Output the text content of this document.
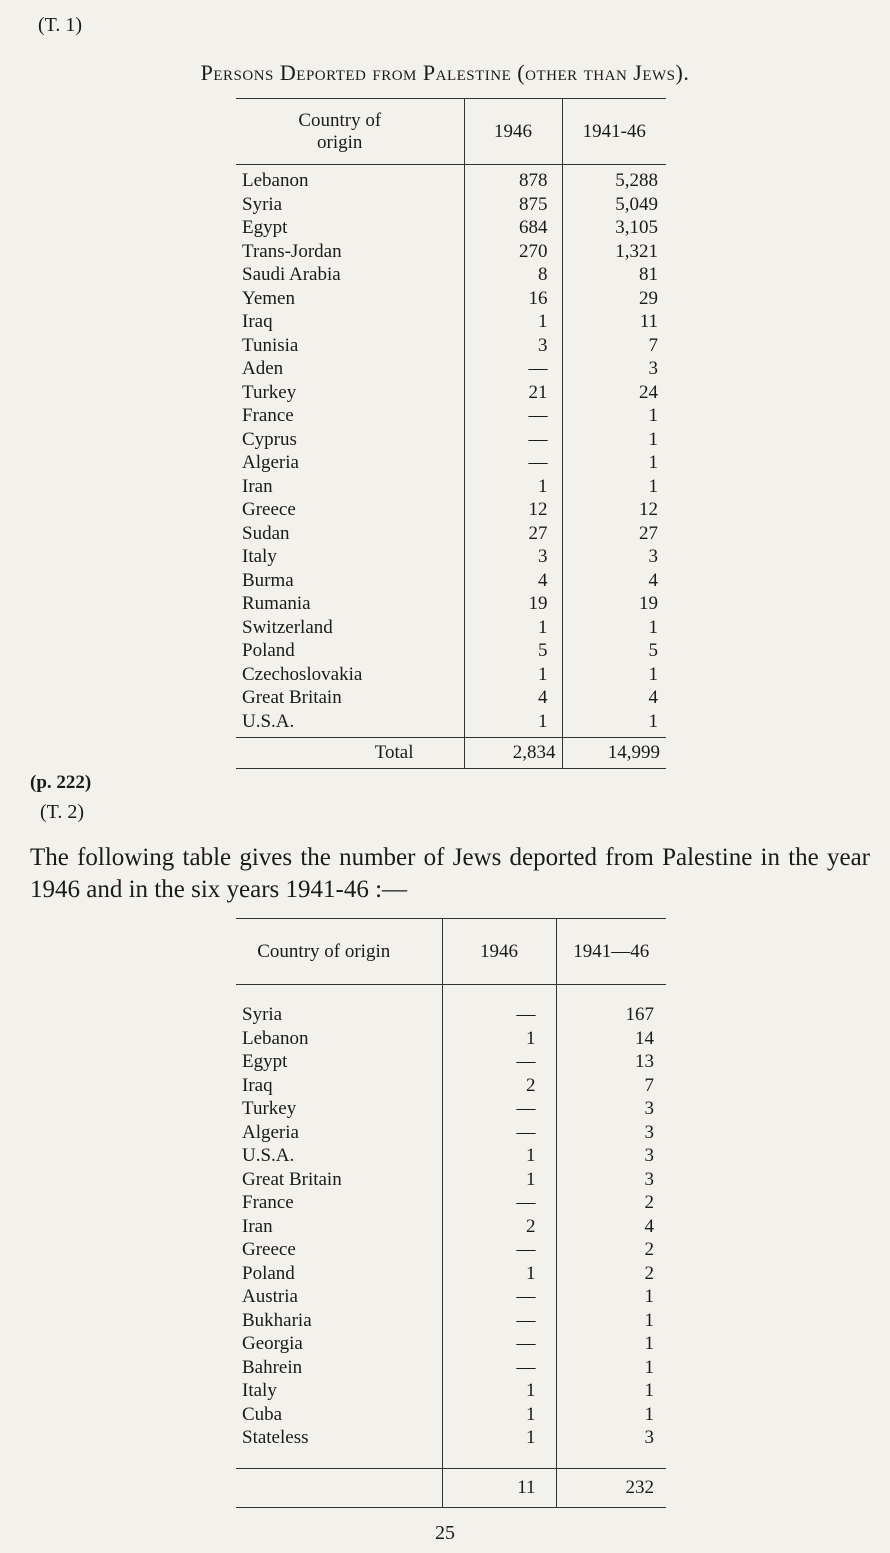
(T. 1)
Persons Deported from Palestine (other than Jews).
Country of origin	1946	1941-46

Lebanon	878	5,288
Syria	875	5,049
Egypt	684	3,105
Trans-Jordan	270	1,321
Saudi Arabia	8	81
Yemen	16	29
Iraq	1	11
Tunisia	3	7
Aden	—	3
Turkey	21	24
France	—	1
Cyprus	—	1
Algeria	—	1
Iran	1	1
Greece	12	12
Sudan	27	27
Italy	3	3
Burma	4	4
Rumania	19	19
Switzerland	1	1
Poland	5	5
Czechoslovakia	1	1
Great Britain	4	4
U.S.A.	1	1

Total	2,834	14,999
(p. 222)
(T. 2)
The following table gives the number of Jews deported from Palestine in the year 1946 and in the six years 1941-46 :—
Country of origin	1946	1941—46

Syria	—	167
Lebanon	1	14
Egypt	—	13
Iraq	2	7
Turkey	—	3
Algeria	—	3
U.S.A.	1	3
Great Britain	1	3
France	—	2
Iran	2	4
Greece	—	2
Poland	1	2
Austria	—	1
Bukharia	—	1
Georgia	—	1
Bahrein	—	1
Italy	1	1
Cuba	1	1
Stateless	1	3

	11	232
25
